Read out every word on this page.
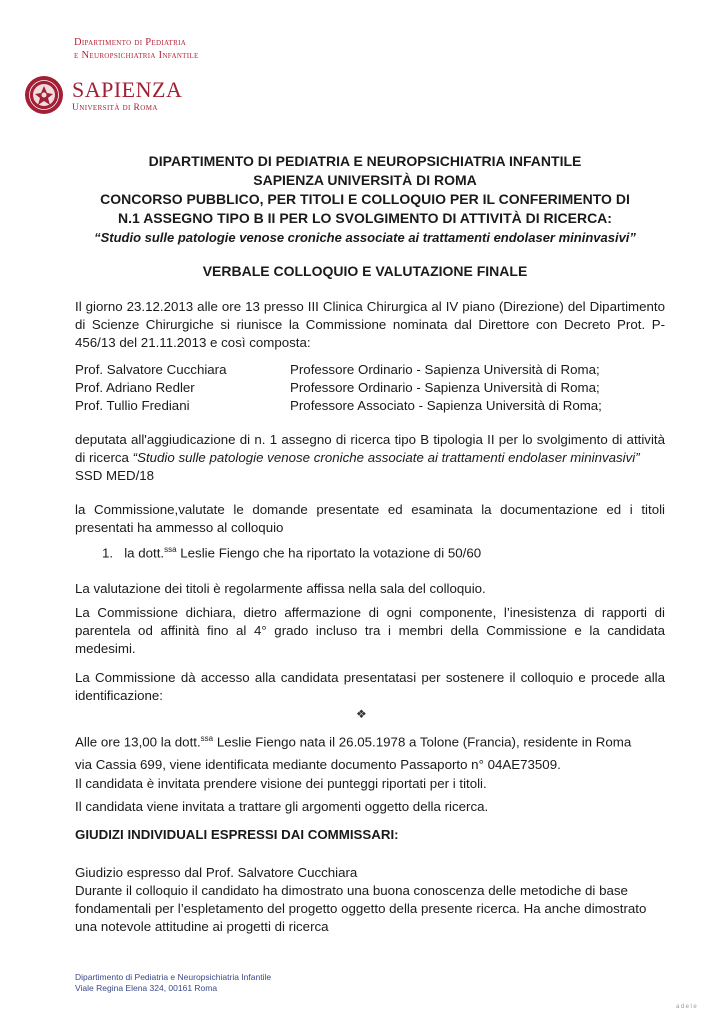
Dipartimento di Pediatria
e Neuropsichiatria Infantile
SAPIENZA
Università di Roma
DIPARTIMENTO DI PEDIATRIA E NEUROPSICHIATRIA INFANTILE
SAPIENZA UNIVERSITÀ DI ROMA
CONCORSO PUBBLICO, PER TITOLI E COLLOQUIO PER IL CONFERIMENTO DI
N.1 ASSEGNO TIPO B II PER LO SVOLGIMENTO DI ATTIVITÀ DI RICERCA:
“Studio sulle patologie venose croniche associate ai trattamenti endolaser mininvasivi”
VERBALE COLLOQUIO E VALUTAZIONE FINALE
Il giorno 23.12.2013 alle ore 13 presso III Clinica Chirurgica al IV piano (Direzione) del Dipartimento di Scienze Chirurgiche si riunisce la Commissione nominata dal Direttore con Decreto Prot. P-456/13 del 21.11.2013 e così composta:
Prof. Salvatore Cucchiara	Professore Ordinario - Sapienza Università di Roma;
Prof. Adriano Redler	Professore Ordinario - Sapienza Università di Roma;
Prof. Tullio Frediani	Professore Associato - Sapienza Università di Roma;
deputata all'aggiudicazione di n. 1 assegno di ricerca tipo B tipologia II per lo svolgimento di attività di ricerca “Studio sulle patologie venose croniche associate ai trattamenti endolaser mininvasivi”
SSD MED/18
la Commissione,valutate le domande presentate ed esaminata la documentazione ed i titoli presentati ha ammesso al colloquio
1. la dott.$^{ssa}$ Leslie Fiengo che ha riportato la votazione di 50/60
La valutazione dei titoli è regolarmente affissa nella sala del colloquio.
La Commissione dichiara, dietro affermazione di ogni componente, l’inesistenza di rapporti di parentela od affinità fino al 4° grado incluso tra i membri della Commissione e la candidata medesimi.
La Commissione dà accesso alla candidata presentatasi per sostenere il colloquio e procede alla identificazione:
❖
Alle ore 13,00 la dott.$^{ssa}$ Leslie Fiengo nata il 26.05.1978 a Tolone (Francia), residente in Roma
via Cassia 699, viene identificata mediante documento Passaporto n° 04AE73509.
Il candidata è invitata prendere visione dei punteggi riportati per i titoli.
Il candidata viene invitata a trattare gli argomenti oggetto della ricerca.
GIUDIZI INDIVIDUALI ESPRESSI DAI COMMISSARI:
Giudizio espresso dal Prof. Salvatore Cucchiara
Durante il colloquio il candidato ha dimostrato una buona conoscenza delle metodiche di base fondamentali per l’espletamento del progetto oggetto della presente ricerca. Ha anche dimostrato una notevole attitudine ai progetti di ricerca
Dipartimento di Pediatria e Neuropsichiatria Infantile
Viale Regina Elena 324, 00161 Roma
adele
